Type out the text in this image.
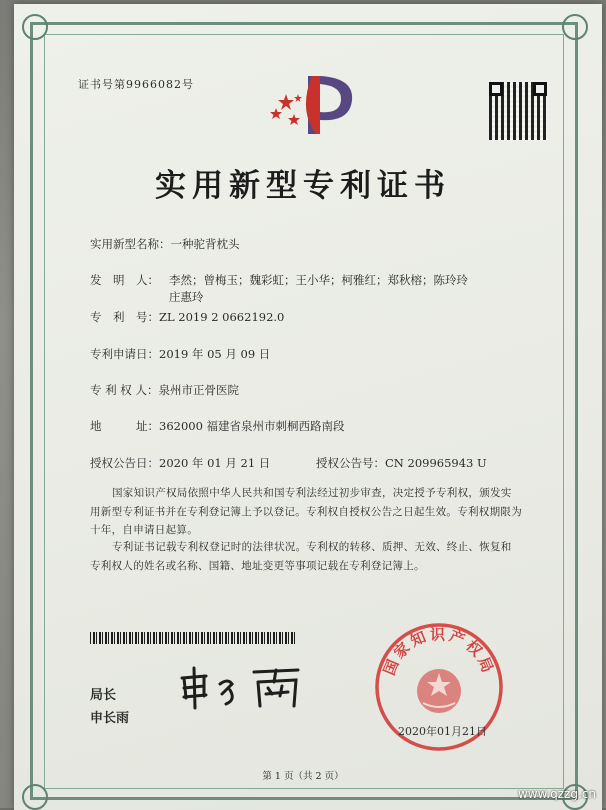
证书号第9966082号
实用新型专利证书
实用新型名称：一种驼背枕头
发　明　人： 李然；曾梅玉；魏彩虹；王小华；柯雅红；郑秋榕；陈玲玲
庄惠玲
专　利　号：ZL 2019 2 0662192.0
专利申请日：2019 年 05 月 09 日
专 利 权 人：泉州市正骨医院
地　　　址：362000 福建省泉州市刺桐西路南段
授权公告日：2020 年 01 月 21 日	授权公告号：CN 209965943 U
国家知识产权局依照中华人民共和国专利法经过初步审查，决定授予专利权，颁发实用新型专利证书并在专利登记簿上予以登记。专利权自授权公告之日起生效。专利权期限为十年，自申请日起算。
专利证书记载专利权登记时的法律状况。专利权的转移、质押、无效、终止、恢复和专利权人的姓名或名称、国籍、地址变更等事项记载在专利登记簿上。
局长
申长雨
国家知识产权局
2020年01月21日
第 1 页（共 2 页）
www.qzzg.cn
